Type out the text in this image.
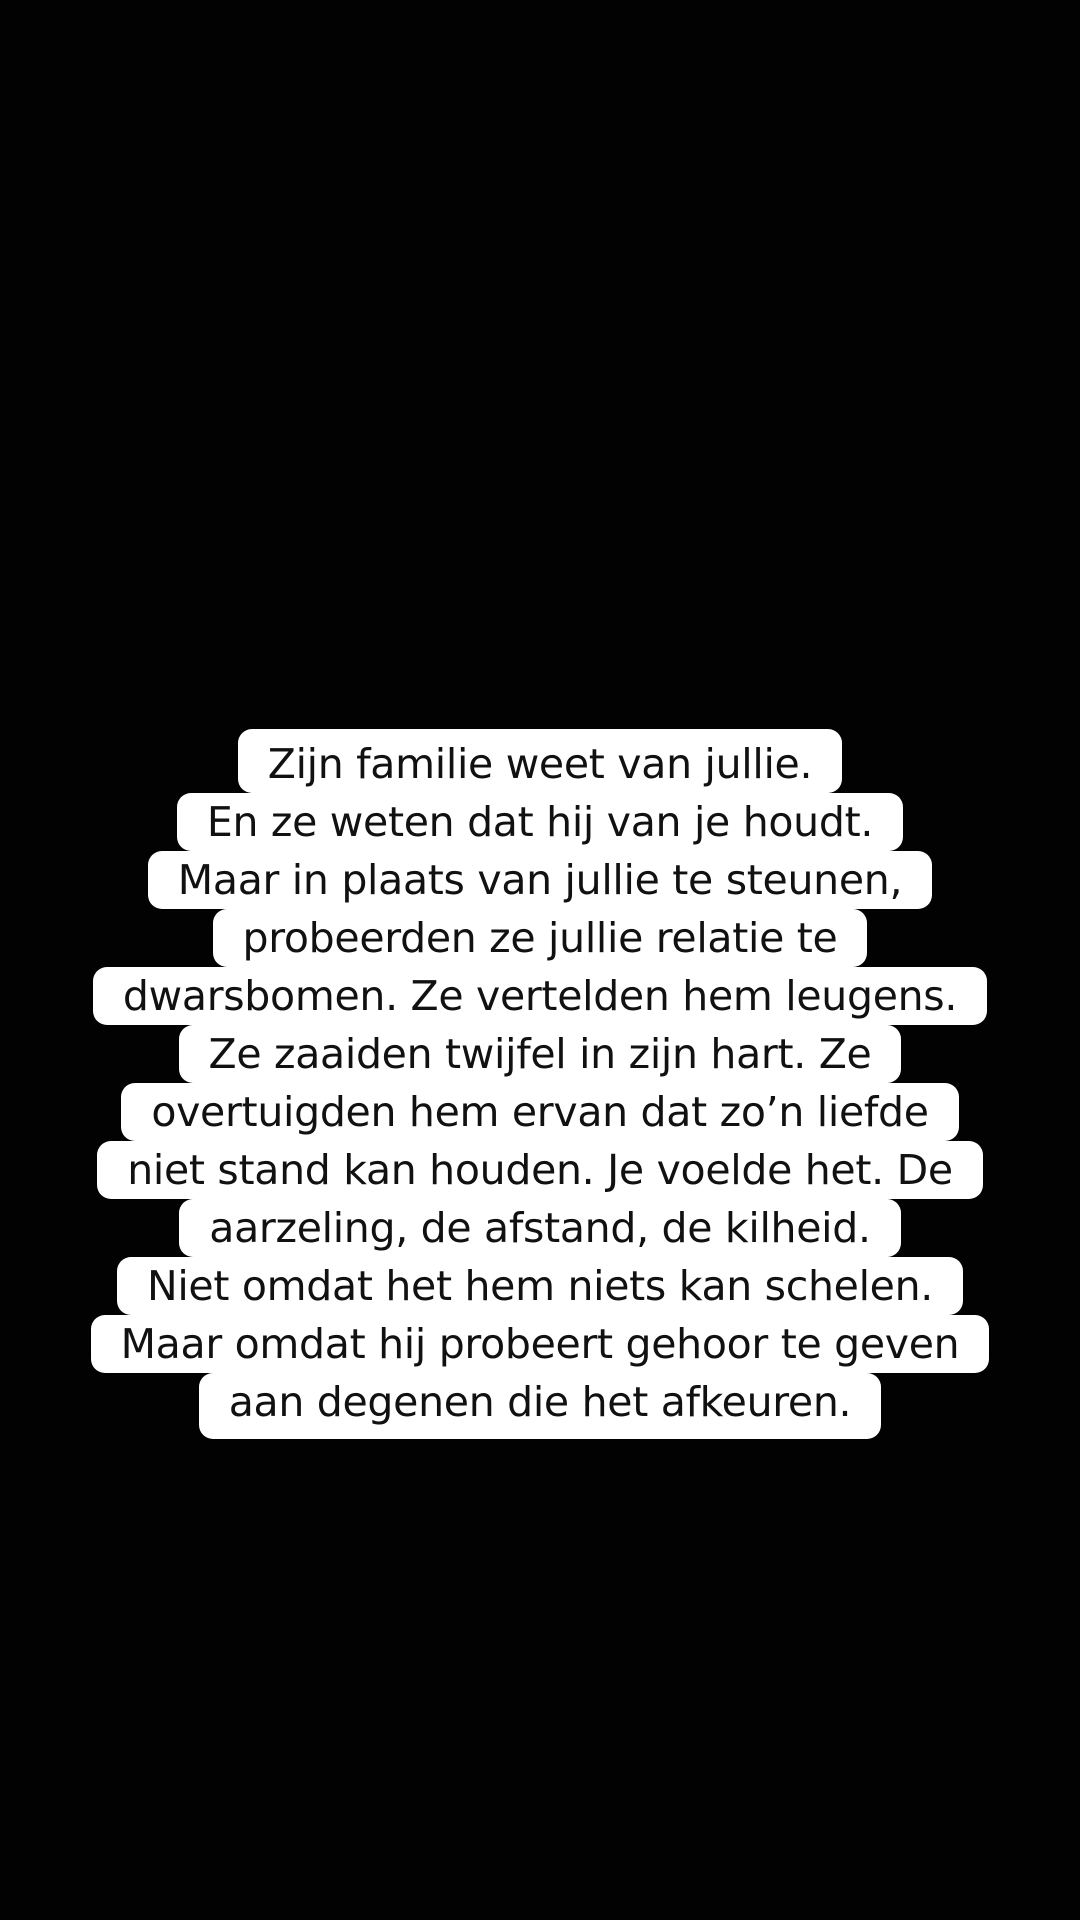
Zijn familie weet van jullie.
En ze weten dat hij van je houdt.
Maar in plaats van jullie te steunen,
probeerden ze jullie relatie te
dwarsbomen. Ze vertelden hem leugens.
Ze zaaiden twijfel in zijn hart. Ze
overtuigden hem ervan dat zo’n liefde
niet stand kan houden. Je voelde het. De
aarzeling, de afstand, de kilheid.
Niet omdat het hem niets kan schelen.
Maar omdat hij probeert gehoor te geven
aan degenen die het afkeuren.
